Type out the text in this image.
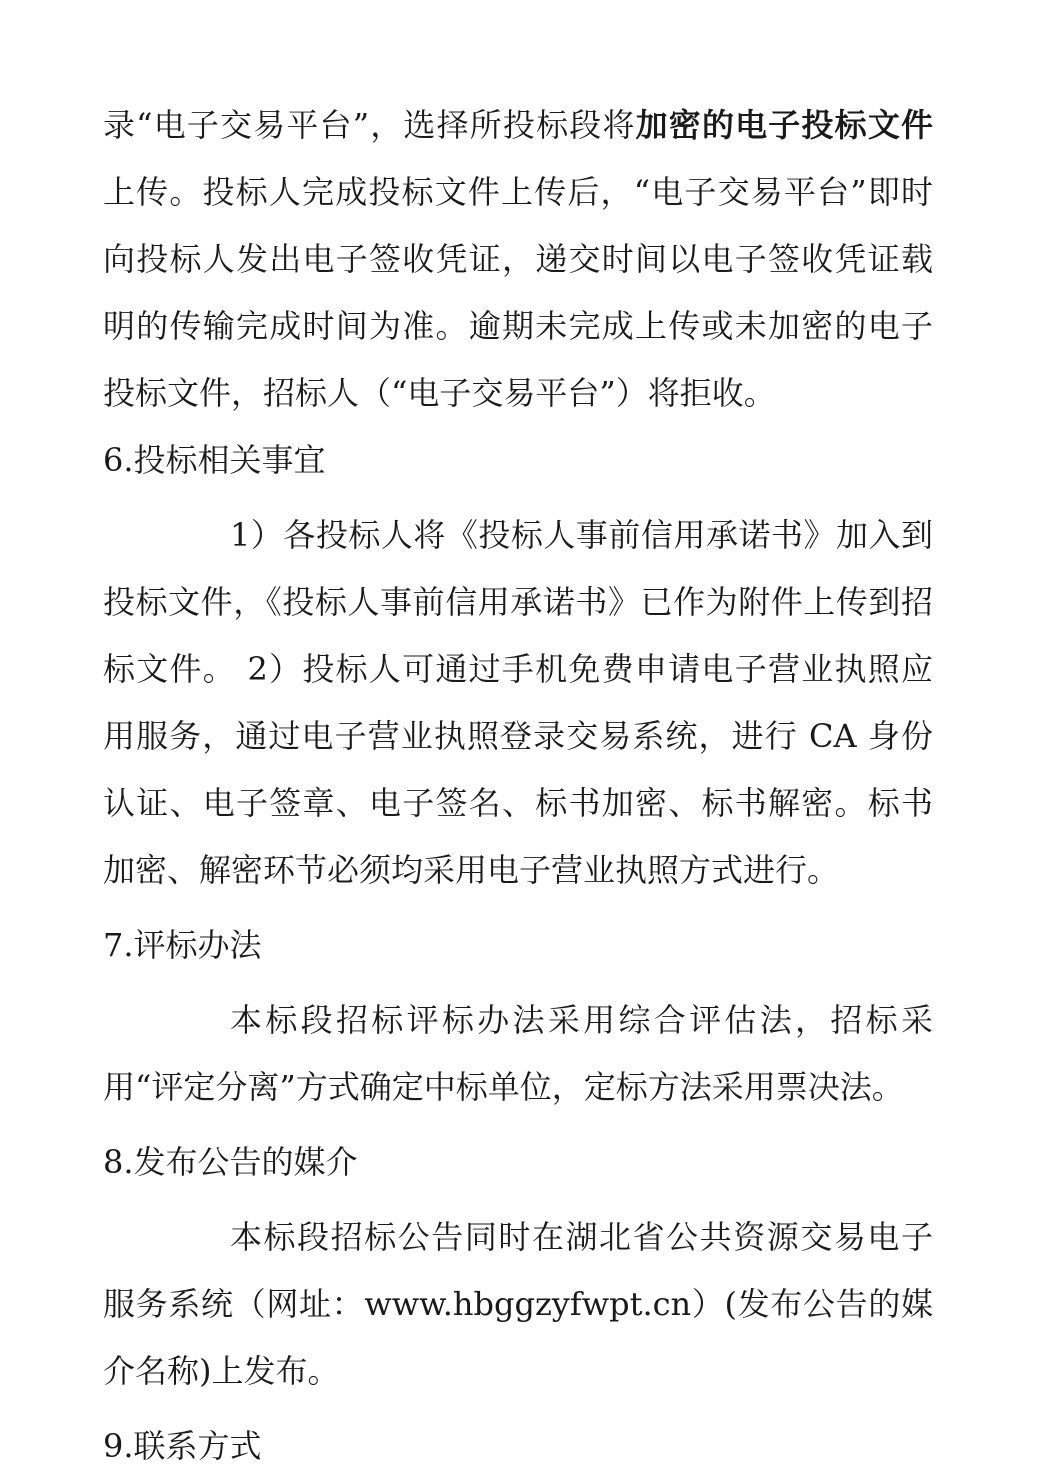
录“电子交易平台”，选择所投标段将加密的电子投标文件上传。投标人完成投标文件上传后，“电子交易平台”即时向投标人发出电子签收凭证，递交时间以电子签收凭证载明的传输完成时间为准。逾期未完成上传或未加密的电子投标文件，招标人（“电子交易平台”）将拒收。

6.投标相关事宜

1）各投标人将《投标人事前信用承诺书》加入到投标文件，《投标人事前信用承诺书》已作为附件上传到招标文件。 2）投标人可通过手机免费申请电子营业执照应用服务，通过电子营业执照登录交易系统，进行 CA 身份认证、电子签章、电子签名、标书加密、标书解密。标书加密、解密环节必须均采用电子营业执照方式进行。

7.评标办法

本标段招标评标办法采用综合评估法，招标采用“评定分离”方式确定中标单位，定标方法采用票决法。

8.发布公告的媒介

本标段招标公告同时在湖北省公共资源交易电子服务系统（网址：www.hbggzyfwpt.cn）(发布公告的媒介名称)上发布。

9.联系方式
